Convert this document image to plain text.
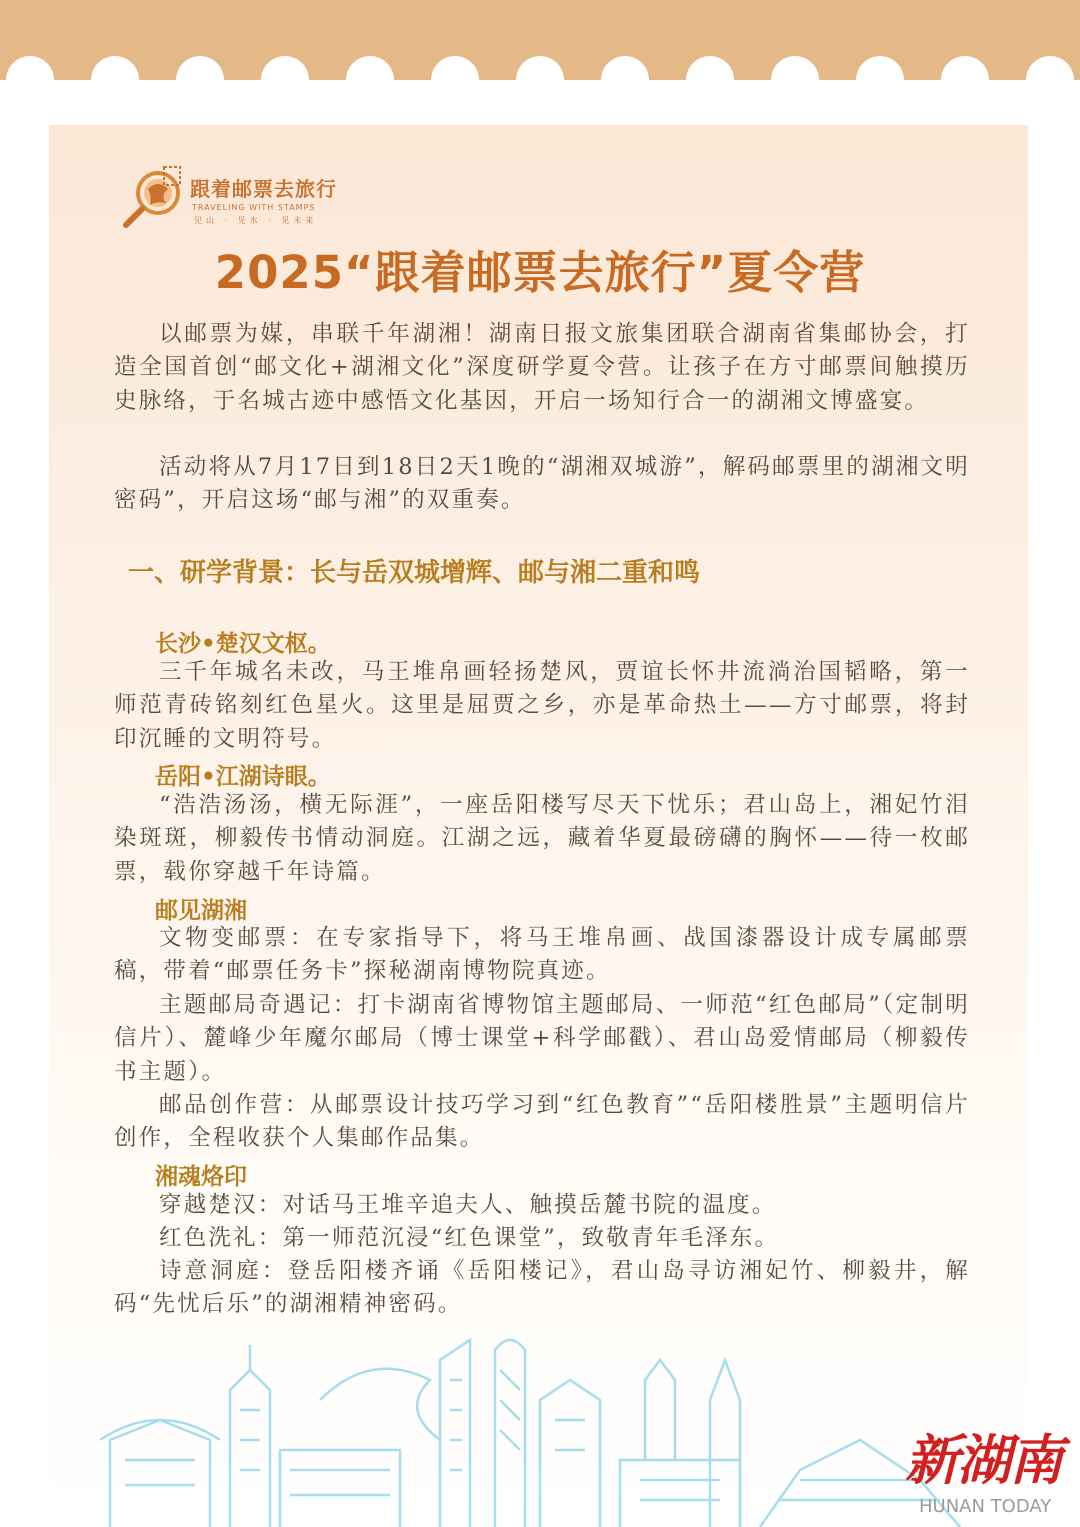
跟着邮票去旅行
TRAVELING WITH STAMPS
见山 · 见水 · 见未来
2025“跟着邮票去旅行”夏令营

以邮票为媒，串联千年湖湘！湖南日报文旅集团联合湖南省集邮协会，打造全国首创“邮文化+湖湘文化”深度研学夏令营。让孩子在方寸邮票间触摸历史脉络，于名城古迹中感悟文化基因，开启一场知行合一的湖湘文博盛宴。

活动将从7月17日到18日2天1晚的“湖湘双城游”，解码邮票里的湖湘文明密码”，开启这场“邮与湘”的双重奏。

一、研学背景：长与岳双城增辉、邮与湘二重和鸣
长沙•楚汉文枢。

三千年城名未改，马王堆帛画轻扬楚风，贾谊长怀井流淌治国韬略，第一师范青砖铭刻红色星火。这里是屈贾之乡，亦是革命热土——方寸邮票，将封印沉睡的文明符号。

岳阳•江湖诗眼。

“浩浩汤汤，横无际涯”，一座岳阳楼写尽天下忧乐；君山岛上，湘妃竹泪染斑斑，柳毅传书情动洞庭。江湖之远，藏着华夏最磅礴的胸怀——待一枚邮票，载你穿越千年诗篇。

邮见湖湘

文物变邮票：在专家指导下，将马王堆帛画、战国漆器设计成专属邮票稿，带着“邮票任务卡”探秘湖南博物院真迹。

主题邮局奇遇记：打卡湖南省博物馆主题邮局、一师范“红色邮局”（定制明信片）、麓峰少年魔尔邮局（博士课堂+科学邮戳）、君山岛爱情邮局（柳毅传书主题）。

邮品创作营：从邮票设计技巧学习到“红色教育”“岳阳楼胜景”主题明信片创作，全程收获个人集邮作品集。

湘魂烙印

穿越楚汉：对话马王堆辛追夫人、触摸岳麓书院的温度。

红色洗礼：第一师范沉浸“红色课堂”，致敬青年毛泽东。

诗意洞庭：登岳阳楼齐诵《岳阳楼记》，君山岛寻访湘妃竹、柳毅井，解码“先忧后乐”的湖湘精神密码。

新湖南
HUNAN TODAY
